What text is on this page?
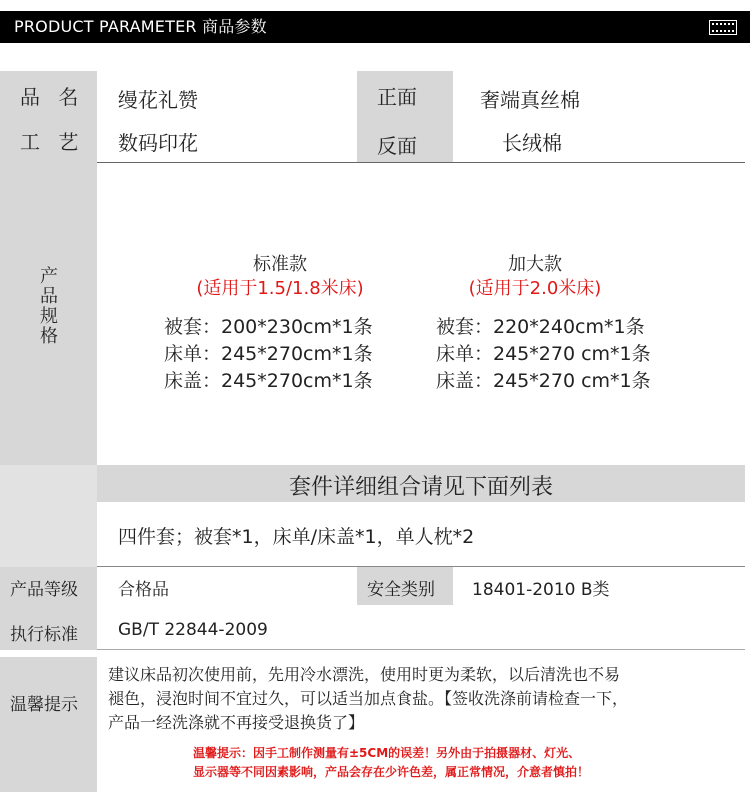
PRODUCT PARAMETER 商品参数
品 名 缦花礼赞	正面	奢端真丝棉
工 艺 数码印花	反面	长绒棉
产品规格
标准款
(适用于1.5/1.8米床)
被套：200*230cm*1条
床单：245*270cm*1条
床盖：245*270cm*1条
加大款
(适用于2.0米床)
被套：220*240cm*1条
床单：245*270 cm*1条
床盖：245*270 cm*1条
套件详细组合请见下面列表
四件套；被套*1，床单/床盖*1，单人枕*2
产品等级 合格品	安全类别 18401-2010 B类
执行标准 GB/T 22844-2009
温馨提示
建议床品初次使用前，先用冷水漂洗，使用时更为柔软，以后清洗也不易
褪色，浸泡时间不宜过久，可以适当加点食盐。【签收洗涤前请检查一下，
产品一经洗涤就不再接受退换货了】
温馨提示：因手工制作测量有±5CM的误差！另外由于拍摄器材、灯光、
显示器等不同因素影响，产品会存在少许色差，属正常情况，介意者慎拍！
